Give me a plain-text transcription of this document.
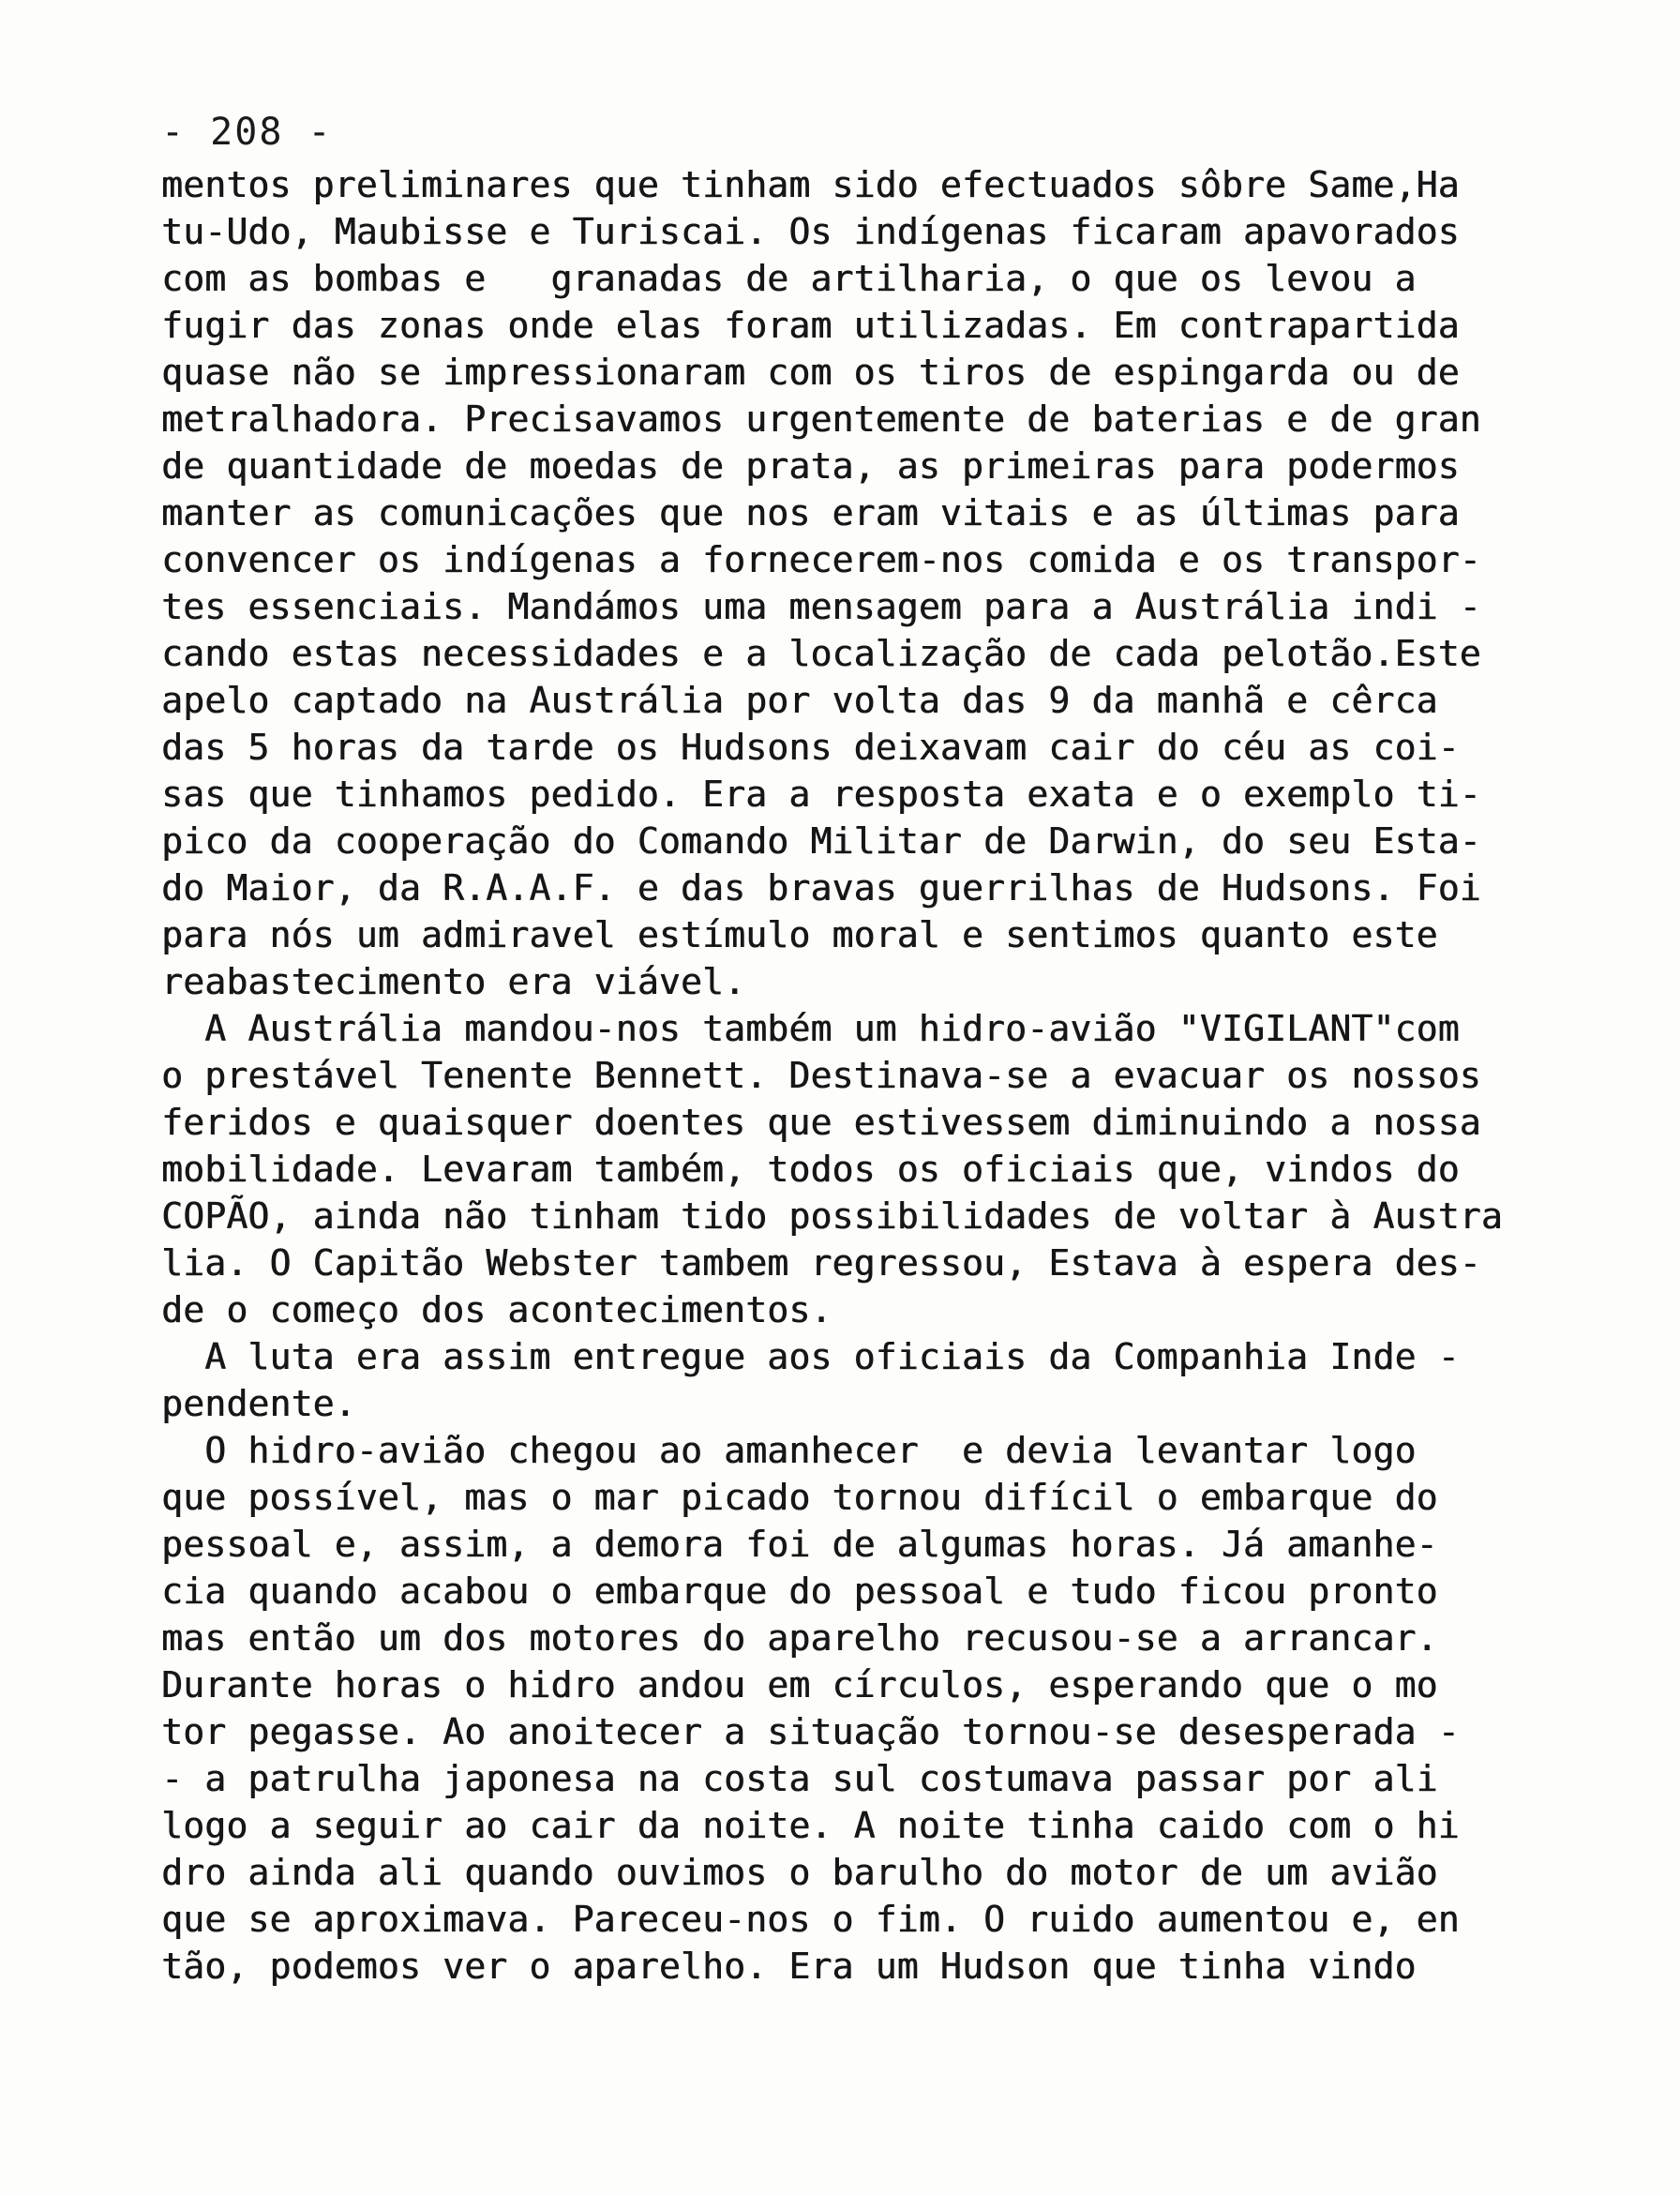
- 208 -
mentos preliminares que tinham sido efectuados sôbre Same,Ha
tu-Udo, Maubisse e Turiscai. Os indígenas ficaram apavorados
com as bombas e   granadas de artilharia, o que os levou a
fugir das zonas onde elas foram utilizadas. Em contrapartida
quase não se impressionaram com os tiros de espingarda ou de
metralhadora. Precisavamos urgentemente de baterias e de gran
de quantidade de moedas de prata, as primeiras para podermos
manter as comunicações que nos eram vitais e as últimas para
convencer os indígenas a fornecerem-nos comida e os transpor-
tes essenciais. Mandámos uma mensagem para a Austrália indi -
cando estas necessidades e a localização de cada pelotão.Este
apelo captado na Austrália por volta das 9 da manhã e cêrca
das 5 horas da tarde os Hudsons deixavam cair do céu as coi-
sas que tinhamos pedido. Era a resposta exata e o exemplo ti-
pico da cooperação do Comando Militar de Darwin, do seu Esta-
do Maior, da R.A.A.F. e das bravas guerrilhas de Hudsons. Foi
para nós um admiravel estímulo moral e sentimos quanto este
reabastecimento era viável.
A Austrália mandou-nos também um hidro-avião "VIGILANT"com
o prestável Tenente Bennett. Destinava-se a evacuar os nossos
feridos e quaisquer doentes que estivessem diminuindo a nossa
mobilidade. Levaram também, todos os oficiais que, vindos do
COPÃO, ainda não tinham tido possibilidades de voltar à Austra
lia. O Capitão Webster tambem regressou, Estava à espera des-
de o começo dos acontecimentos.
A luta era assim entregue aos oficiais da Companhia Inde -
pendente.
O hidro-avião chegou ao amanhecer  e devia levantar logo
que possível, mas o mar picado tornou difícil o embarque do
pessoal e, assim, a demora foi de algumas horas. Já amanhe-
cia quando acabou o embarque do pessoal e tudo ficou pronto
mas então um dos motores do aparelho recusou-se a arrancar.
Durante horas o hidro andou em círculos, esperando que o mo
tor pegasse. Ao anoitecer a situação tornou-se desesperada -
- a patrulha japonesa na costa sul costumava passar por ali
logo a seguir ao cair da noite. A noite tinha caido com o hi
dro ainda ali quando ouvimos o barulho do motor de um avião
que se aproximava. Pareceu-nos o fim. O ruido aumentou e, en
tão, podemos ver o aparelho. Era um Hudson que tinha vindo
